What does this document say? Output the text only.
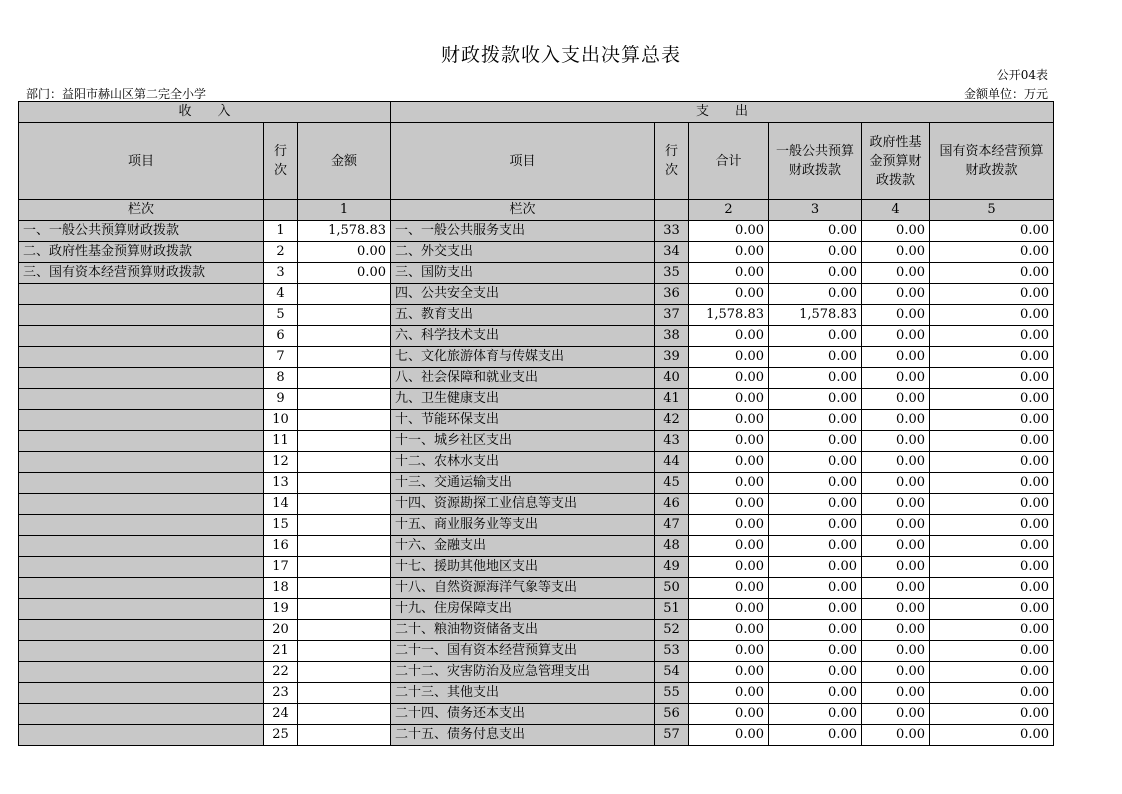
财政拨款收入支出决算总表
公开04表
部门：益阳市赫山区第二完全小学	金额单位：万元
收　　入			支　　出					
项目	行次	金额	项目	行次	合计	一般公共预算财政拨款	政府性基金预算财政拨款	国有资本经营预算财政拨款
栏次		1	栏次		2	3	4	5
一、一般公共预算财政拨款	1	1,578.83	一、一般公共服务支出	33	0.00	0.00	0.00	0.00
二、政府性基金预算财政拨款	2	0.00	二、外交支出	34	0.00	0.00	0.00	0.00
三、国有资本经营预算财政拨款	3	0.00	三、国防支出	35	0.00	0.00	0.00	0.00
	4		四、公共安全支出	36	0.00	0.00	0.00	0.00
	5		五、教育支出	37	1,578.83	1,578.83	0.00	0.00
	6		六、科学技术支出	38	0.00	0.00	0.00	0.00
	7		七、文化旅游体育与传媒支出	39	0.00	0.00	0.00	0.00
	8		八、社会保障和就业支出	40	0.00	0.00	0.00	0.00
	9		九、卫生健康支出	41	0.00	0.00	0.00	0.00
	10		十、节能环保支出	42	0.00	0.00	0.00	0.00
	11		十一、城乡社区支出	43	0.00	0.00	0.00	0.00
	12		十二、农林水支出	44	0.00	0.00	0.00	0.00
	13		十三、交通运输支出	45	0.00	0.00	0.00	0.00
	14		十四、资源勘探工业信息等支出	46	0.00	0.00	0.00	0.00
	15		十五、商业服务业等支出	47	0.00	0.00	0.00	0.00
	16		十六、金融支出	48	0.00	0.00	0.00	0.00
	17		十七、援助其他地区支出	49	0.00	0.00	0.00	0.00
	18		十八、自然资源海洋气象等支出	50	0.00	0.00	0.00	0.00
	19		十九、住房保障支出	51	0.00	0.00	0.00	0.00
	20		二十、粮油物资储备支出	52	0.00	0.00	0.00	0.00
	21		二十一、国有资本经营预算支出	53	0.00	0.00	0.00	0.00
	22		二十二、灾害防治及应急管理支出	54	0.00	0.00	0.00	0.00
	23		二十三、其他支出	55	0.00	0.00	0.00	0.00
	24		二十四、债务还本支出	56	0.00	0.00	0.00	0.00
	25		二十五、债务付息支出	57	0.00	0.00	0.00	0.00
